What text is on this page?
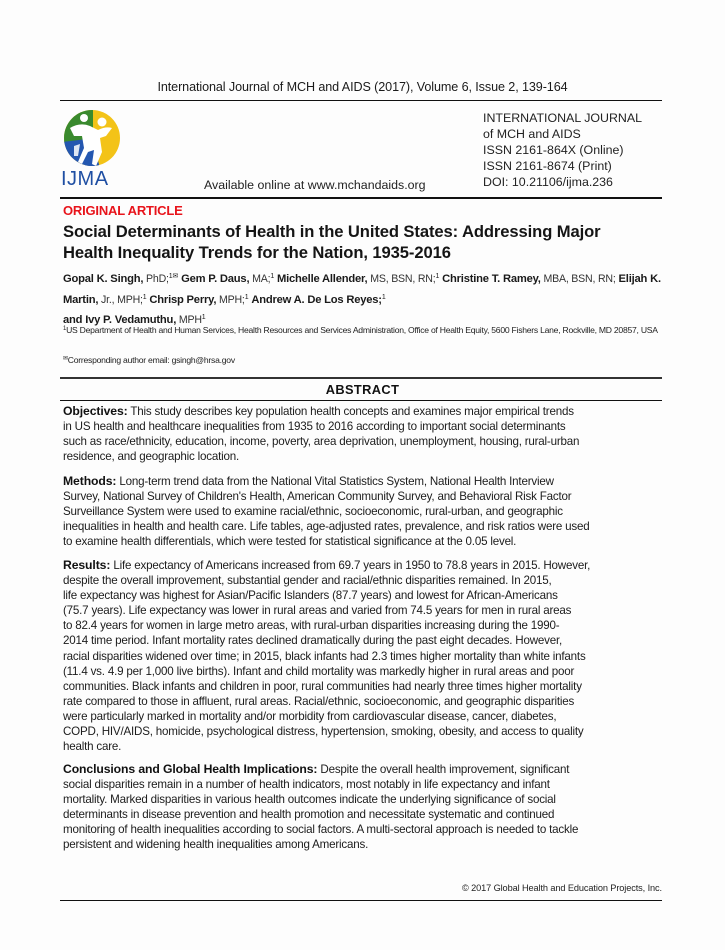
International Journal of MCH and AIDS (2017), Volume 6, Issue 2, 139-164
IJMA	Available online at www.mchandaids.org
INTERNATIONAL JOURNAL
of MCH and AIDS
ISSN 2161-864X (Online)
ISSN 2161-8674 (Print)
DOI: 10.21106/ijma.236
ORIGINAL ARTICLE
Social Determinants of Health in the United States: Addressing Major
Health Inequality Trends for the Nation, 1935-2016
Gopal K. Singh, PhD;$^{1✉}$ Gem P. Daus, MA;$^1$ Michelle Allender, MS, BSN, RN;$^1$ Christine T. Ramey, MBA, BSN, RN; Elijah K. Martin, Jr., MPH;$^1$ Chrisp Perry, MPH;$^1$ Andrew A. De Los Reyes;$^1$
and Ivy P. Vedamuthu, MPH$^1$
$^1$US Department of Health and Human Services, Health Resources and Services Administration, Office of Health Equity, 5600 Fishers Lane, Rockville, MD 20857, USA
✉Corresponding author email: gsingh@hrsa.gov
ABSTRACT
Objectives: This study describes key population health concepts and examines major empirical trends
in US health and healthcare inequalities from 1935 to 2016 according to important social determinants
such as race/ethnicity, education, income, poverty, area deprivation, unemployment, housing, rural-urban
residence, and geographic location.
Methods: Long-term trend data from the National Vital Statistics System, National Health Interview
Survey, National Survey of Children's Health, American Community Survey, and Behavioral Risk Factor
Surveillance System were used to examine racial/ethnic, socioeconomic, rural-urban, and geographic
inequalities in health and health care. Life tables, age-adjusted rates, prevalence, and risk ratios were used
to examine health differentials, which were tested for statistical significance at the 0.05 level.
Results: Life expectancy of Americans increased from 69.7 years in 1950 to 78.8 years in 2015. However,
despite the overall improvement, substantial gender and racial/ethnic disparities remained. In 2015,
life expectancy was highest for Asian/Pacific Islanders (87.7 years) and lowest for African-Americans
(75.7 years). Life expectancy was lower in rural areas and varied from 74.5 years for men in rural areas
to 82.4 years for women in large metro areas, with rural-urban disparities increasing during the 1990-
2014 time period. Infant mortality rates declined dramatically during the past eight decades. However,
racial disparities widened over time; in 2015, black infants had 2.3 times higher mortality than white infants
(11.4 vs. 4.9 per 1,000 live births). Infant and child mortality was markedly higher in rural areas and poor
communities. Black infants and children in poor, rural communities had nearly three times higher mortality
rate compared to those in affluent, rural areas. Racial/ethnic, socioeconomic, and geographic disparities
were particularly marked in mortality and/or morbidity from cardiovascular disease, cancer, diabetes,
COPD, HIV/AIDS, homicide, psychological distress, hypertension, smoking, obesity, and access to quality
health care.
Conclusions and Global Health Implications: Despite the overall health improvement, significant
social disparities remain in a number of health indicators, most notably in life expectancy and infant
mortality. Marked disparities in various health outcomes indicate the underlying significance of social
determinants in disease prevention and health promotion and necessitate systematic and continued
monitoring of health inequalities according to social factors. A multi-sectoral approach is needed to tackle
persistent and widening health inequalities among Americans.
© 2017 Global Health and Education Projects, Inc.
